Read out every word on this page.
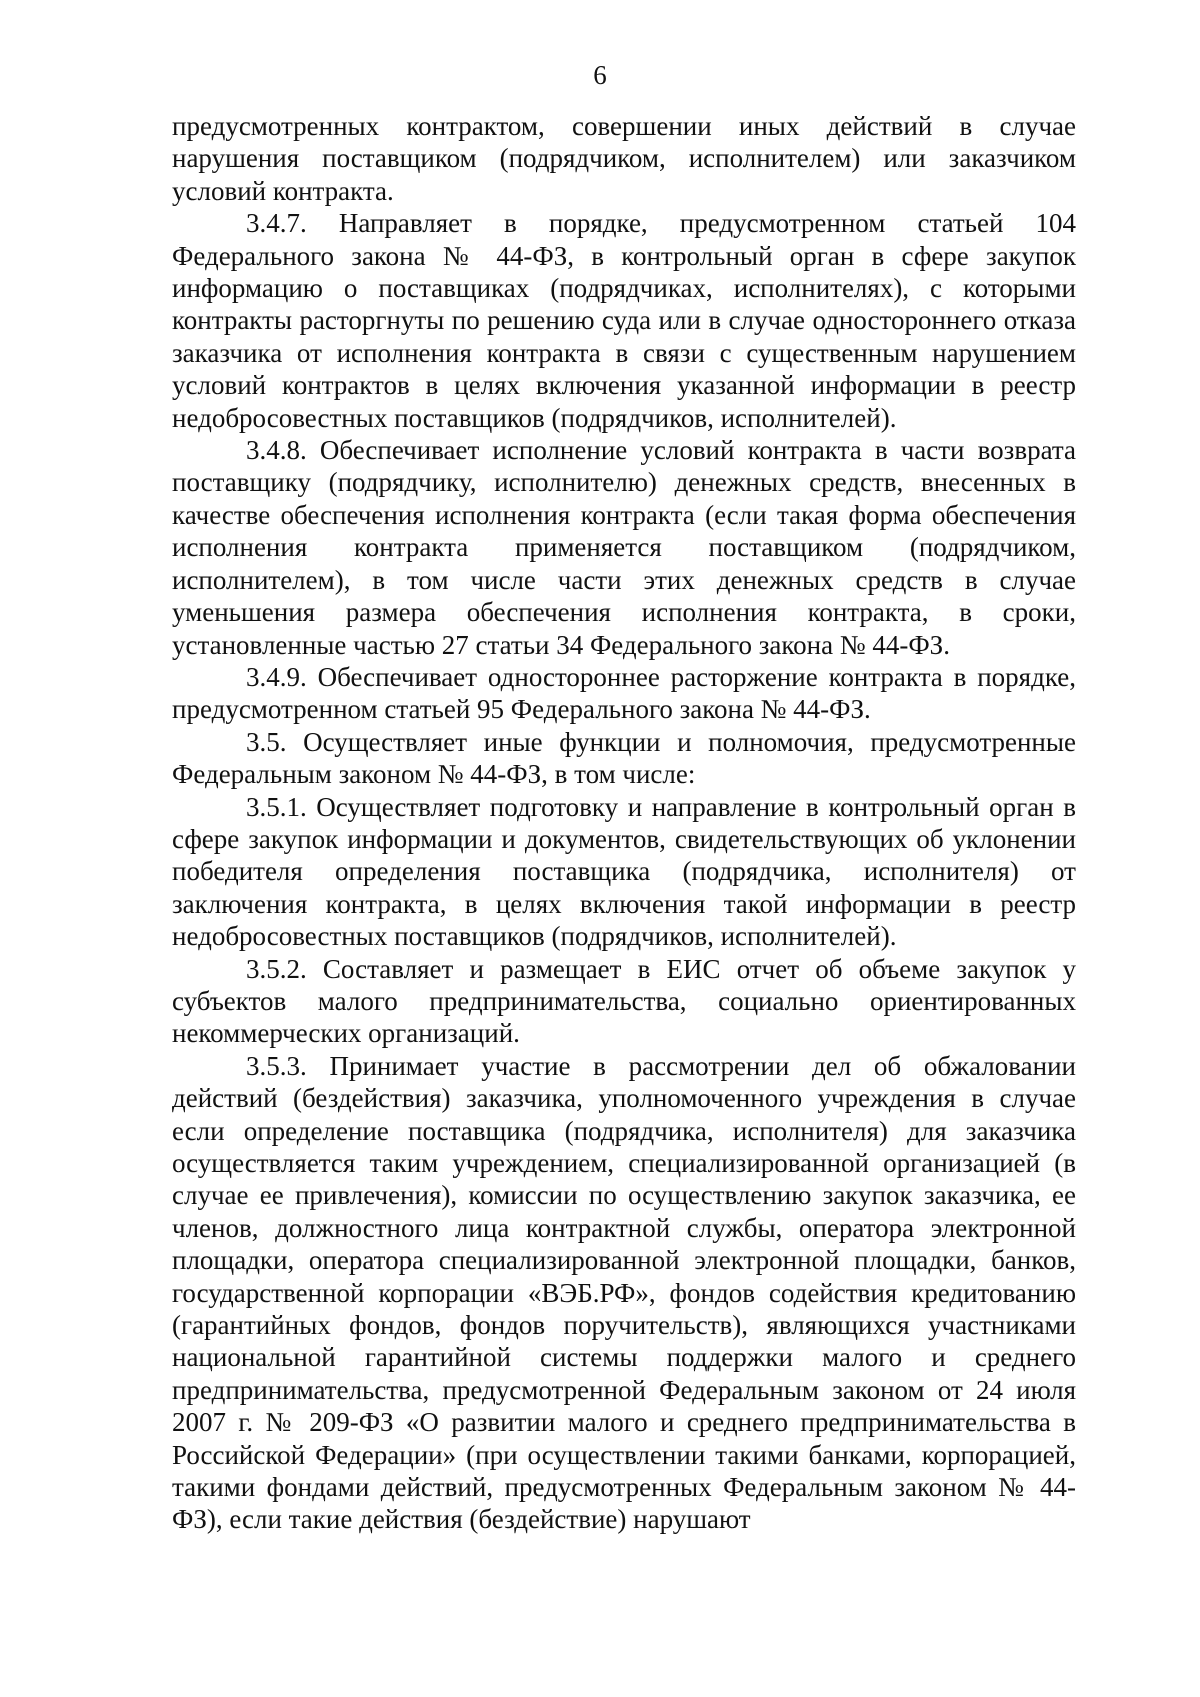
6

предусмотренных контрактом, совершении иных действий в случае нарушения поставщиком (подрядчиком, исполнителем) или заказчиком условий контракта.

3.4.7. Направляет в порядке, предусмотренном статьей 104 Федерального закона № 44-ФЗ, в контрольный орган в сфере закупок информацию о поставщиках (подрядчиках, исполнителях), с которыми контракты расторгнуты по решению суда или в случае одностороннего отказа заказчика от исполнения контракта в связи с существенным нарушением условий контрактов в целях включения указанной информации в реестр недобросовестных поставщиков (подрядчиков, исполнителей).

3.4.8. Обеспечивает исполнение условий контракта в части возврата поставщику (подрядчику, исполнителю) денежных средств, внесенных в качестве обеспечения исполнения контракта (если такая форма обеспечения исполнения контракта применяется поставщиком (подрядчиком, исполнителем), в том числе части этих денежных средств в случае уменьшения размера обеспечения исполнения контракта, в сроки, установленные частью 27 статьи 34 Федерального закона № 44-ФЗ.

3.4.9. Обеспечивает одностороннее расторжение контракта в порядке, предусмотренном статьей 95 Федерального закона № 44-ФЗ.

3.5. Осуществляет иные функции и полномочия, предусмотренные Федеральным законом № 44-ФЗ, в том числе:

3.5.1. Осуществляет подготовку и направление в контрольный орган в сфере закупок информации и документов, свидетельствующих об уклонении победителя определения поставщика (подрядчика, исполнителя) от заключения контракта, в целях включения такой информации в реестр недобросовестных поставщиков (подрядчиков, исполнителей).

3.5.2. Составляет и размещает в ЕИС отчет об объеме закупок у субъектов малого предпринимательства, социально ориентированных некоммерческих организаций.

3.5.3. Принимает участие в рассмотрении дел об обжаловании действий (бездействия) заказчика, уполномоченного учреждения в случае если определение поставщика (подрядчика, исполнителя) для заказчика осуществляется таким учреждением, специализированной организацией (в случае ее привлечения), комиссии по осуществлению закупок заказчика, ее членов, должностного лица контрактной службы, оператора электронной площадки, оператора специализированной электронной площадки, банков, государственной корпорации «ВЭБ.РФ», фондов содействия кредитованию (гарантийных фондов, фондов поручительств), являющихся участниками национальной гарантийной системы поддержки малого и среднего предпринимательства, предусмотренной Федеральным законом от 24 июля 2007 г. № 209-ФЗ «О развитии малого и среднего предпринимательства в Российской Федерации» (при осуществлении такими банками, корпорацией, такими фондами действий, предусмотренных Федеральным законом № 44-ФЗ), если такие действия (бездействие) нарушают
